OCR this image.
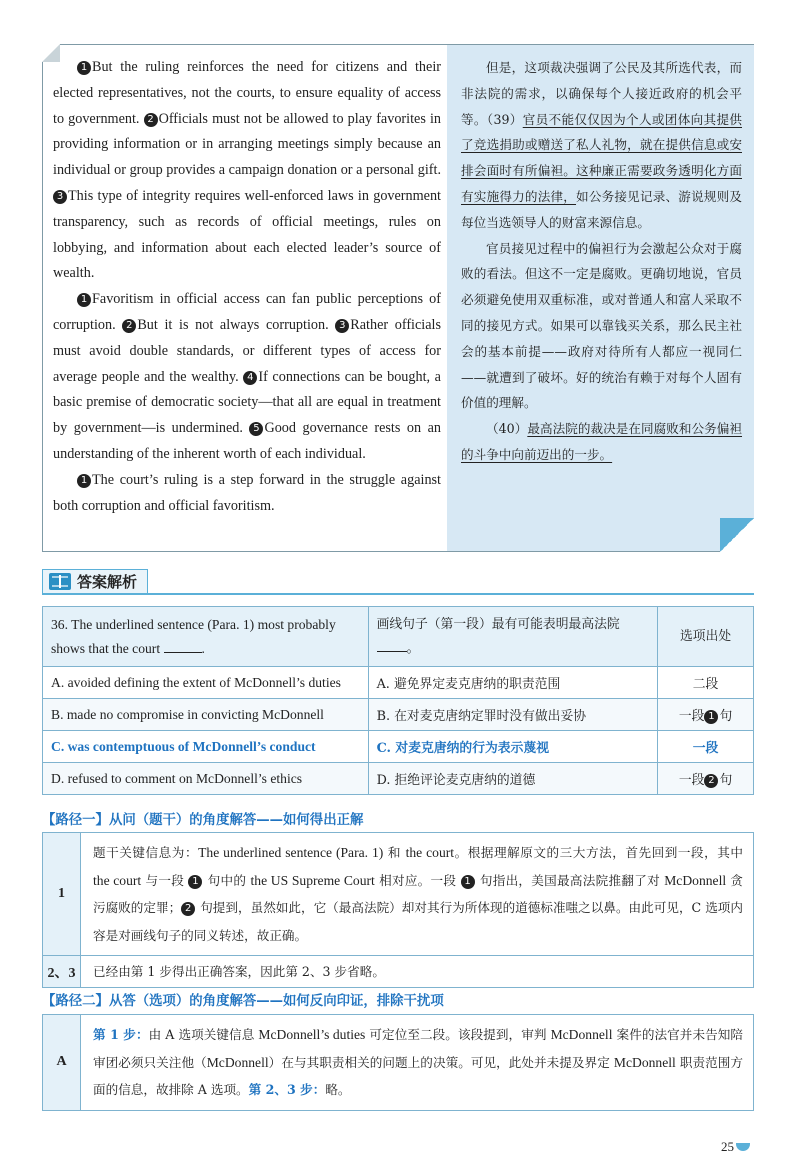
1 But the ruling reinforces the need for citizens and their elected representatives, not the courts, to ensure equality of access to government. 2 Officials must not be allowed to play favorites in providing information or in arranging meetings simply because an individual or group provides a campaign donation or a personal gift. 3 This type of integrity requires well-enforced laws in government transparency, such as records of official meetings, rules on lobbying, and information about each elected leader’s source of wealth.

1 Favoritism in official access can fan public perceptions of corruption. 2 But it is not always corruption. 3 Rather officials must avoid double standards, or different types of access for average people and the wealthy. 4 If connections can be bought, a basic premise of democratic society—that all are equal in treatment by government—is undermined. 5 Good governance rests on an understanding of the inherent worth of each individual.

1 The court’s ruling is a step forward in the struggle against both corruption and official favoritism.

但是，这项裁决强调了公民及其所选代表，而非法院的需求，以确保每个人接近政府的机会平等。（39）官员不能仅仅因为个人或团体向其提供了竞选捐助或赠送了私人礼物，就在提供信息或安排会面时有所偏袒。这种廉正需要政务透明化方面有实施得力的法律，如公务接见记录、游说规则及每位当选领导人的财富来源信息。

官员接见过程中的偏袒行为会激起公众对于腐败的看法。但这不一定是腐败。更确切地说，官员必须避免使用双重标准，或对普通人和富人采取不同的接见方式。如果可以靠钱买关系，那么民主社会的基本前提——政府对待所有人都应一视同仁——就遭到了破坏。好的统治有赖于对每个人固有价值的理解。

（40）最高法院的裁决是在同腐败和公务偏袒的斗争中向前迈出的一步。

答案解析
36. The underlined sentence (Para. 1) most probably shows that the court .	画线句子（第一段）最有可能表明最高法院。	选项出处
A. avoided defining the extent of McDonnell’s duties	A. 避免界定麦克唐纳的职责范围	二段
B. made no compromise in convicting McDonnell	B. 在对麦克唐纳定罪时没有做出妥协	一段 1 句
C. was contemptuous of McDonnell’s conduct	C. 对麦克唐纳的行为表示蔑视	一段
D. refused to comment on McDonnell’s ethics	D. 拒绝评论麦克唐纳的道德	一段 2 句
【路径一】从问（题干）的角度解答——如何得出正解
1	题干关键信息为：The underlined sentence (Para. 1) 和 the court。根据理解原文的三大方法，首先回到一段，其中 the court 与一段 1 句中的 the US Supreme Court 相对应。一段 1 句指出，美国最高法院推翻了对 McDonnell 贪污腐败的定罪； 2 句提到，虽然如此，它（最高法院）却对其行为所体现的道德标准嗤之以鼻。由此可见，C 选项内容是对画线句子的同义转述，故正确。
2、3	已经由第 1 步得出正确答案，因此第 2、3 步省略。
【路径二】从答（选项）的角度解答——如何反向印证，排除干扰项
A	第 1 步：由 A 选项关键信息 McDonnell’s duties 可定位至二段。该段提到，审判 McDonnell 案件的法官并未告知陪审团必须只关注他（McDonnell）在与其职责相关的问题上的决策。可见，此处并未提及界定 McDonnell 职责范围方面的信息，故排除 A 选项。第 2、3 步：略。
25
